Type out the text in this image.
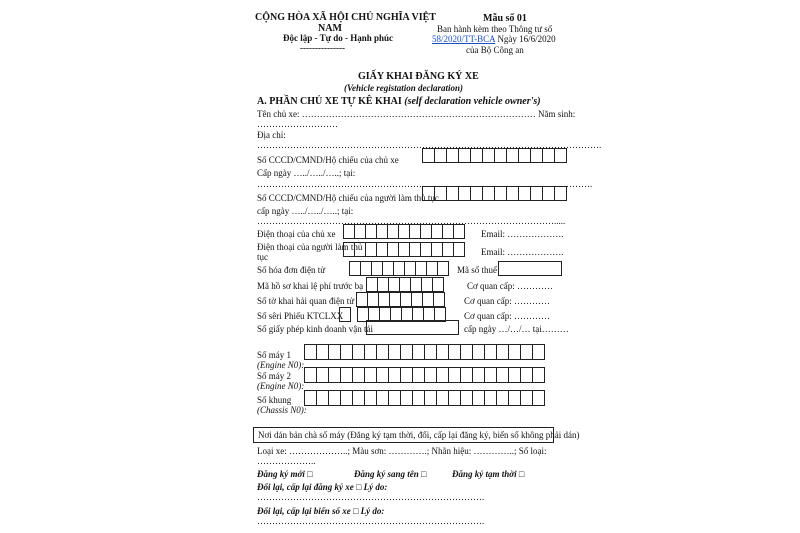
CỘNG HÒA XÃ HỘI CHỦ NGHĨA VIỆT
NAM
Độc lập - Tự do - Hạnh phúc
---------------
Mẫu số 01
Ban hành kèm theo Thông tư số
58/2020/TT-BCA Ngày 16/6/2020
của Bộ Công an
GIẤY KHAI ĐĂNG KÝ XE
(Vehicle registation declaration)
A. PHẦN CHỦ XE TỰ KÊ KHAI (self declaration vehicle owner's)
Tên chủ xe: …………………………………………………………………… Năm sinh:
………………………
Địa chỉ:
…………………………………………………………………………………………………….
Số CCCD/CMND/Hộ chiếu của chủ xe
Cấp ngày …../…../…..; tại:
………………………………………………………………………………………………….
Số CCCD/CMND/Hộ chiếu của người làm thủ tục
cấp ngày …../…../…..; tại:
……………………………………………………………………………………….....
Điện thoại của chủ xe	Email: ……………….
Điện thoại của người làm thủ
tục	Email: ……………….
Số hóa đơn điện tử	Mã số thuế
Mã hồ sơ khai lệ phí trước bạ	Cơ quan cấp: …………
Số tờ khai hải quan điện tử	Cơ quan cấp: …………
Số sêri Phiếu KTCLXX	Cơ quan cấp: …………
Số giấy phép kinh doanh vận tải	cấp ngày …/…/… tại………
Số máy 1
(Engine N0):
Số máy 2
(Engine N0):
Số khung
(Chassis N0):
Nơi dán bản chà số máy (Đăng ký tạm thời, đổi, cấp lại đăng ký, biển số không phải dán)
Loại xe: ………………..; Màu sơn: ………….; Nhãn hiệu: …………..; Số loại:
………………..
Đăng ký mới □	Đăng ký sang tên □	Đăng ký tạm thời □
Đổi lại, cấp lại đăng ký xe □ Lý do:
………………………………………………………………….
Đổi lại, cấp lại biển số xe □ Lý do:
………………………………………………………………….
